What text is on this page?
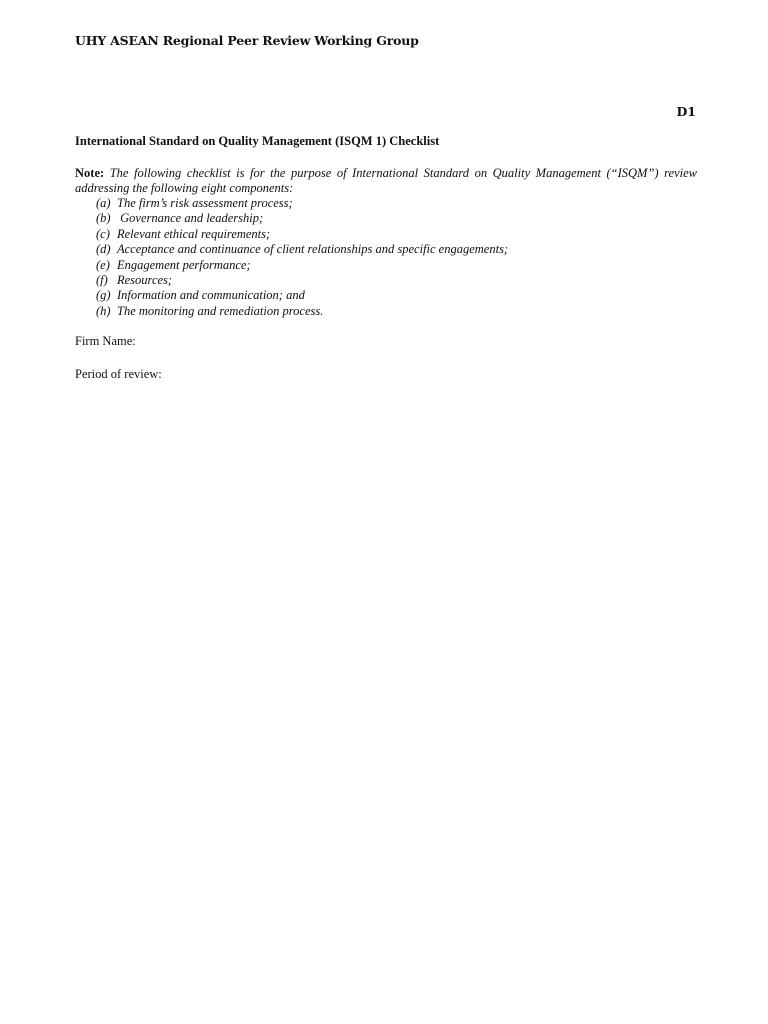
UHY ASEAN Regional Peer Review Working Group
D1
International Standard on Quality Management (ISQM 1) Checklist
Note: The following checklist is for the purpose of International Standard on Quality Management (“ISQM”) review addressing the following eight components:
(a) The firm’s risk assessment process;
(b) Governance and leadership;
(c) Relevant ethical requirements;
(d) Acceptance and continuance of client relationships and specific engagements;
(e) Engagement performance;
(f) Resources;
(g) Information and communication; and
(h) The monitoring and remediation process.
Firm Name:
Period of review:
